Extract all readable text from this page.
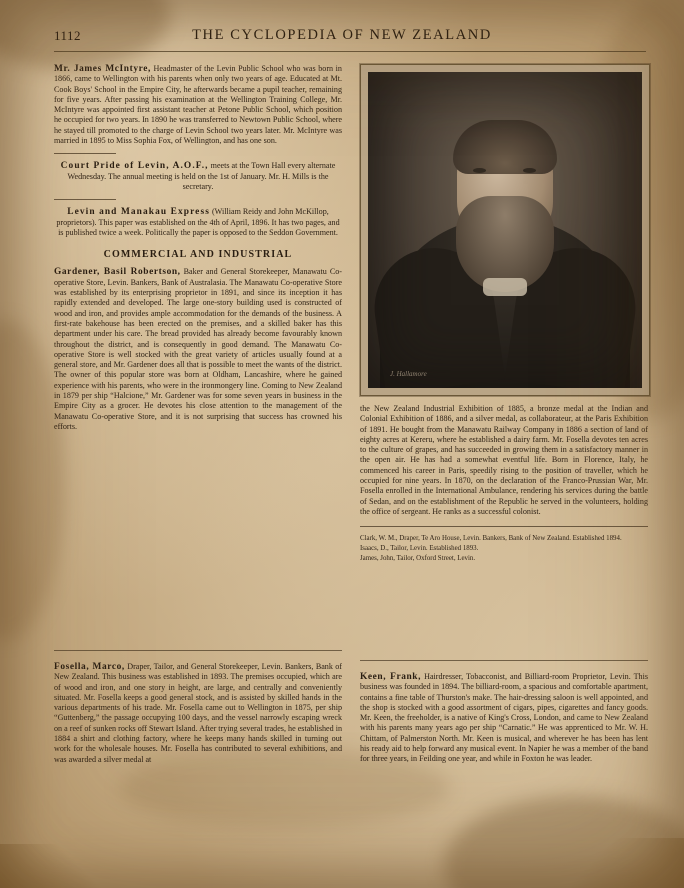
1112	THE CYCLOPEDIA OF NEW ZEALAND

Mr. James McIntyre, Headmaster of the Levin Public School who was born in 1866, came to Wellington with his parents when only two years of age. Educated at Mt. Cook Boys' School in the Empire City, he afterwards became a pupil teacher, remaining for five years. After passing his examination at the Wellington Training College, Mr. McIntyre was appointed first assistant teacher at Petone Public School, which position he occupied for two years. In 1890 he was transferred to Newtown Public School, where he stayed till promoted to the charge of Levin School two years later. Mr. McIntyre was married in 1895 to Miss Sophia Fox, of Wellington, and has one son.

Court Pride of Levin, A.O.F., meets at the Town Hall every alternate Wednesday. The annual meeting is held on the 1st of January. Mr. H. Mills is the secretary.

Levin and Manakau Express (William Reidy and John McKillop, proprietors). This paper was established on the 4th of April, 1896. It has two pages, and is published twice a week. Politically the paper is opposed to the Seddon Government.

COMMERCIAL AND INDUSTRIAL

Gardener, Basil Robertson, Baker and General Storekeeper, Manawatu Co-operative Store, Levin. Bankers, Bank of Australasia. The Manawatu Co-operative Store was established by its enterprising proprietor in 1891, and since its inception it has rapidly extended and developed. The large one-story building used is constructed of wood and iron, and provides ample accommodation for the demands of the business. A first-rate bakehouse has been erected on the premises, and a skilled baker has this department under his care. The bread provided has already become favourably known throughout the district, and is consequently in good demand. The Manawatu Co-operative Store is well stocked with the great variety of articles usually found at a general store, and Mr. Gardener does all that is possible to meet the wants of the district. The owner of this popular store was born at Oldham, Lancashire, where he gained experience with his parents, who were in the ironmongery line. Coming to New Zealand in 1879 per ship “Halcione,” Mr. Gardener was for some seven years in business in the Empire City as a grocer. He devotes his close attention to the management of the Manawatu Co-operative Store, and it is not surprising that success has crowned his efforts.

Fosella, Marco, Draper, Tailor, and General Storekeeper, Levin. Bankers, Bank of New Zealand. This business was established in 1893. The premises occupied, which are of wood and iron, and one story in height, are large, and centrally and conveniently situated. Mr. Fosella keeps a good general stock, and is assisted by skilled hands in the various departments of his trade. Mr. Fosella came out to Wellington in 1875, per ship “Guttenberg,” the passage occupying 100 days, and the vessel narrowly escaping wreck on a reef of sunken rocks off Stewart Island. After trying several trades, he established in 1884 a shirt and clothing factory, where he keeps many hands skilled in turning out work for the wholesale houses. Mr. Fosella has contributed to several exhibitions, and was awarded a silver medal at

J. Hallamore

the New Zealand Industrial Exhibition of 1885, a bronze medal at the Indian and Colonial Exhibition of 1886, and a silver medal, as collaborateur, at the Paris Exhibition of 1891. He bought from the Manawatu Railway Company in 1886 a section of land of eighty acres at Kereru, where he established a dairy farm. Mr. Fosella devotes ten acres to the culture of grapes, and has succeeded in growing them in a satisfactory manner in the open air. He has had a somewhat eventful life. Born in Florence, Italy, he commenced his career in Paris, speedily rising to the position of traveller, which he occupied for nine years. In 1870, on the declaration of the Franco-Prussian War, Mr. Fosella enrolled in the International Ambulance, rendering his services during the battle of Sedan, and on the establishment of the Republic he served in the volunteers, holding the office of sergeant. He ranks as a successful colonist.

Clark, W. M., Draper, Te Aro House, Levin. Bankers, Bank of New Zealand. Established 1894.
Isaacs, D., Tailor, Levin. Established 1893.
James, John, Tailor, Oxford Street, Levin.

Keen, Frank, Hairdresser, Tobacconist, and Billiard-room Proprietor, Levin. This business was founded in 1894. The billiard-room, a spacious and comfortable apartment, contains a fine table of Thurston's make. The hair-dressing saloon is well appointed, and the shop is stocked with a good assortment of cigars, pipes, cigarettes and fancy goods. Mr. Keen, the freeholder, is a native of King's Cross, London, and came to New Zealand with his parents many years ago per ship “Carnatic.” He was apprenticed to Mr. W. H. Chittam, of Palmerston North. Mr. Keen is musical, and wherever he has been has lent his ready aid to help forward any musical event. In Napier he was a member of the band for three years, in Feilding one year, and while in Foxton he was leader.
